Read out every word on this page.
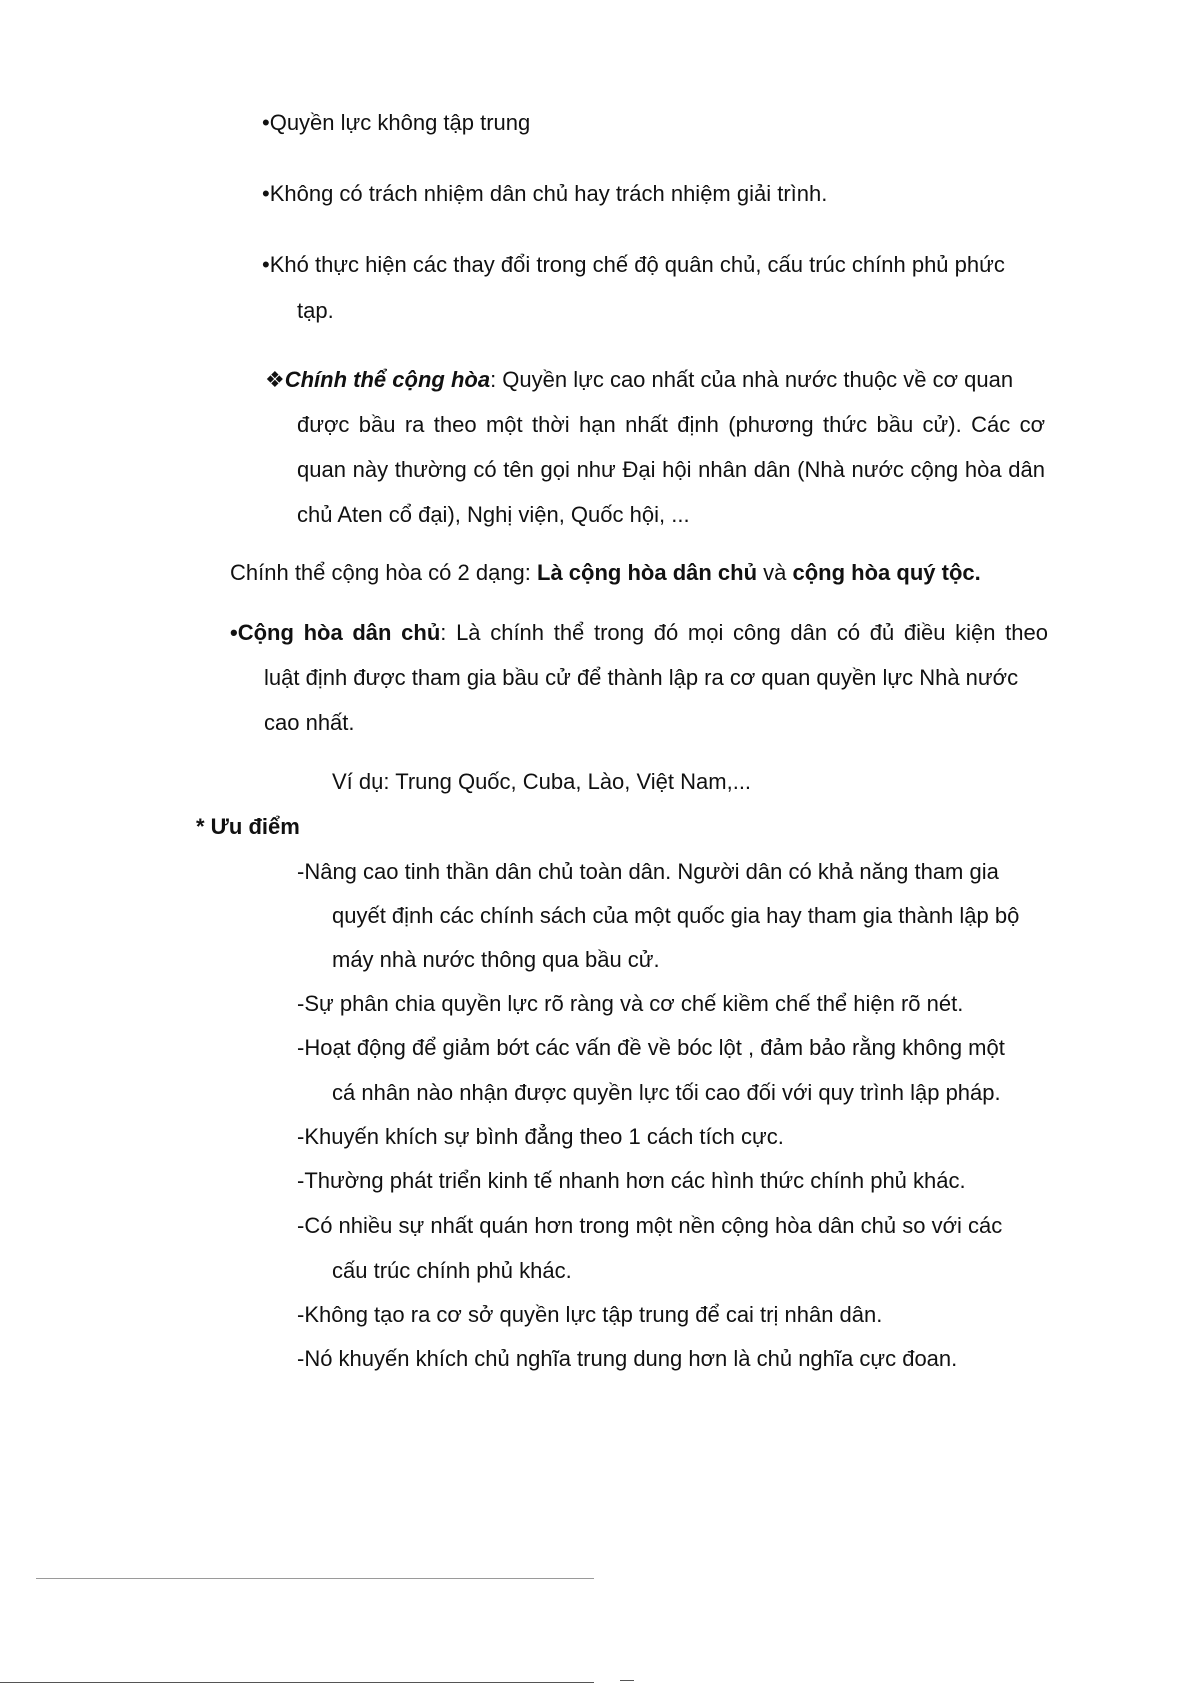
•Quyền lực không tập trung
•Không có trách nhiệm dân chủ hay trách nhiệm giải trình.
•Khó thực hiện các thay đổi trong chế độ quân chủ, cấu trúc chính phủ phức
tạp.
❖Chính thể cộng hòa: Quyền lực cao nhất của nhà nước thuộc về cơ quan
được bầu ra theo một thời hạn nhất định (phương thức bầu cử). Các cơ
quan này thường có tên gọi như Đại hội nhân dân (Nhà nước cộng hòa dân
chủ Aten cổ đại), Nghị viện, Quốc hội, ...
Chính thể cộng hòa có 2 dạng: Là cộng hòa dân chủ và cộng hòa quý tộc.
•Cộng hòa dân chủ: Là chính thể trong đó mọi công dân có đủ điều kiện theo
luật định được tham gia bầu cử để thành lập ra cơ quan quyền lực Nhà nước
cao nhất.
Ví dụ: Trung Quốc, Cuba, Lào, Việt Nam,...
* Ưu điểm
-Nâng cao tinh thần dân chủ toàn dân. Người dân có khả năng tham gia
quyết định các chính sách của một quốc gia hay tham gia thành lập bộ
máy nhà nước thông qua bầu cử.
-Sự phân chia quyền lực rõ ràng và cơ chế kiềm chế thể hiện rõ nét.
-Hoạt động để giảm bớt các vấn đề về bóc lột , đảm bảo rằng không một
cá nhân nào nhận được quyền lực tối cao đối với quy trình lập pháp.
-Khuyến khích sự bình đẳng theo 1 cách tích cực.
-Thường phát triển kinh tế nhanh hơn các hình thức chính phủ khác.
-Có nhiều sự nhất quán hơn trong một nền cộng hòa dân chủ so với các
cấu trúc chính phủ khác.
-Không tạo ra cơ sở quyền lực tập trung để cai trị nhân dân.
-Nó khuyến khích chủ nghĩa trung dung hơn là chủ nghĩa cực đoan.
